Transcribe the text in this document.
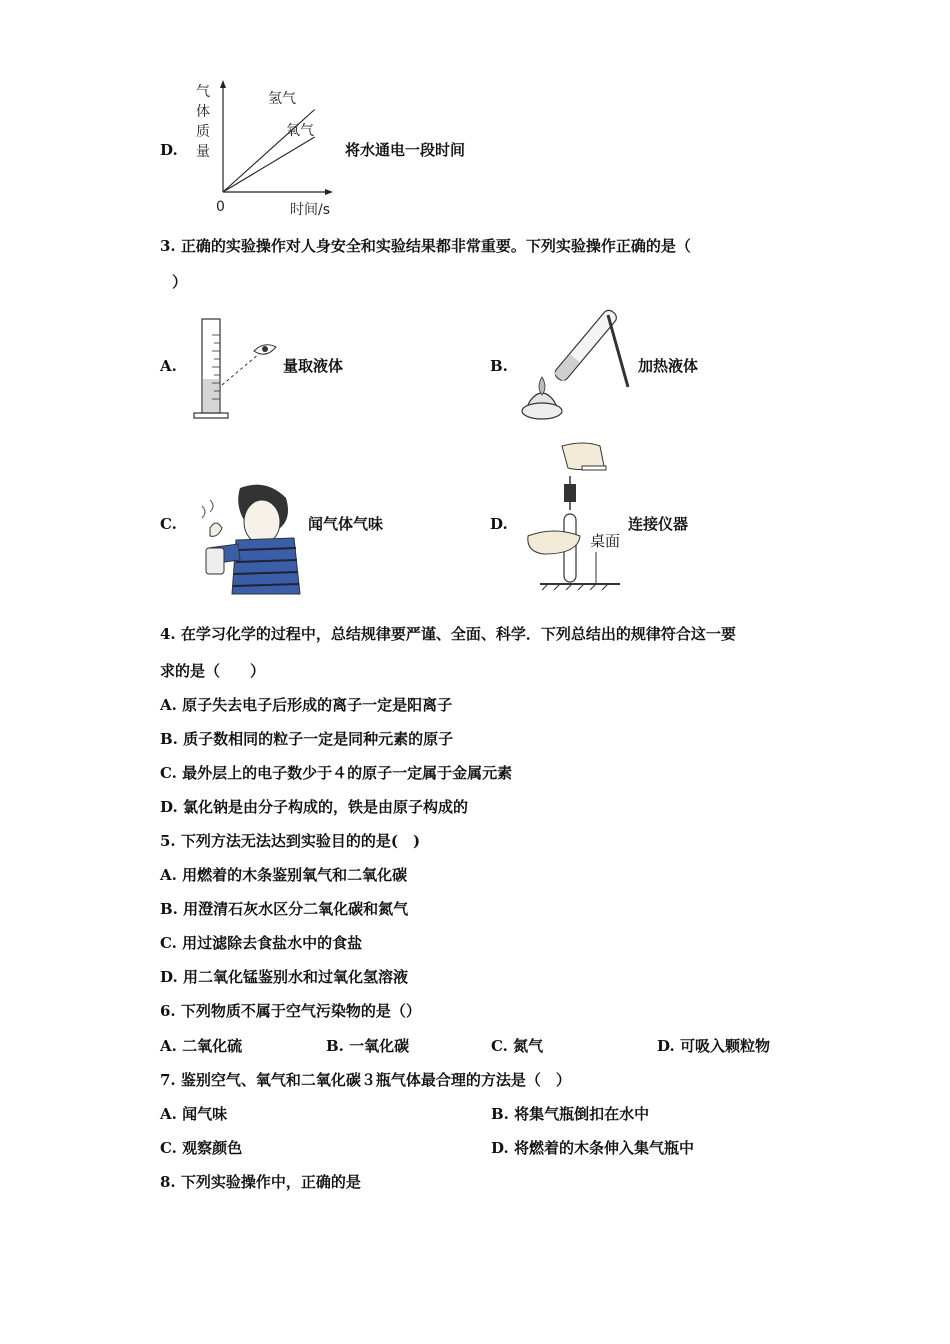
D.
气
体
质
量
0	时间/s
氢气
氧气
将水通电一段时间
3. 正确的实验操作对人身安全和实验结果都非常重要。下列实验操作正确的是（
）
A.	量取液体	B.	加热液体
C.	闻气体气味	D.
桌面
连接仪器
4. 在学习化学的过程中，总结规律要严谨、全面、科学．下列总结出的规律符合这一要
求的是（　　）
A. 原子失去电子后形成的离子一定是阳离子
B. 质子数相同的粒子一定是同种元素的原子
C. 最外层上的电子数少于４的原子一定属于金属元素
D. 氯化钠是由分子构成的，铁是由原子构成的
5. 下列方法无法达到实验目的的是(　)
A. 用燃着的木条鉴别氧气和二氧化碳
B. 用澄清石灰水区分二氧化碳和氮气
C. 用过滤除去食盐水中的食盐
D. 用二氧化锰鉴别水和过氧化氢溶液
6. 下列物质不属于空气污染物的是（）
A. 二氧化硫	B. 一氧化碳	C. 氮气	D. 可吸入颗粒物
7. 鉴别空气、氧气和二氧化碳３瓶气体最合理的方法是（　）
A. 闻气味	B. 将集气瓶倒扣在水中
C. 观察颜色	D. 将燃着的木条伸入集气瓶中
8. 下列实验操作中，正确的是
